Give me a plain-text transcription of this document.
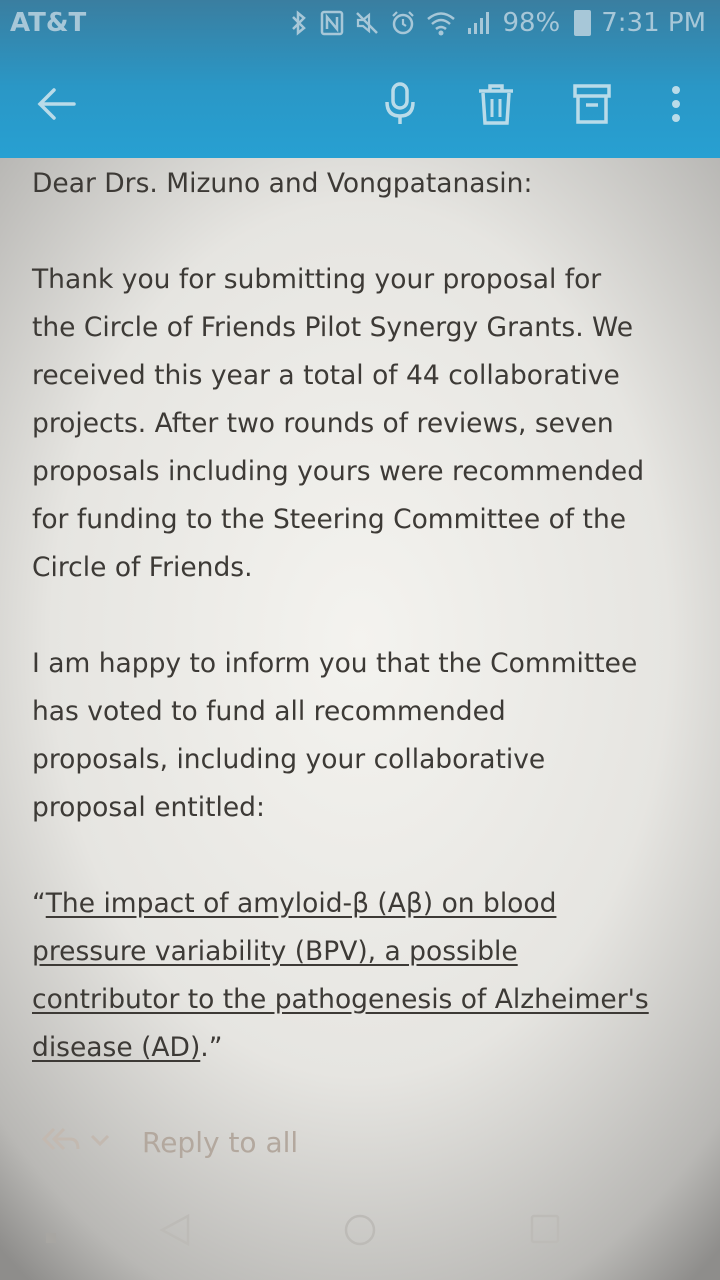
AT&T	98% 7:31 PM

Dear Drs. Mizuno and Vongpatanasin:

Thank you for submitting your proposal for

the Circle of Friends Pilot Synergy Grants. We

received this year a total of 44 collaborative

projects. After two rounds of reviews, seven

proposals including yours were recommended

for funding to the Steering Committee of the

Circle of Friends.

I am happy to inform you that the Committee

has voted to fund all recommended

proposals, including your collaborative

proposal entitled:

“The impact of amyloid-β (Aβ) on blood

pressure variability (BPV), a possible

contributor to the pathogenesis of Alzheimer's

disease (AD).”

Reply to all
